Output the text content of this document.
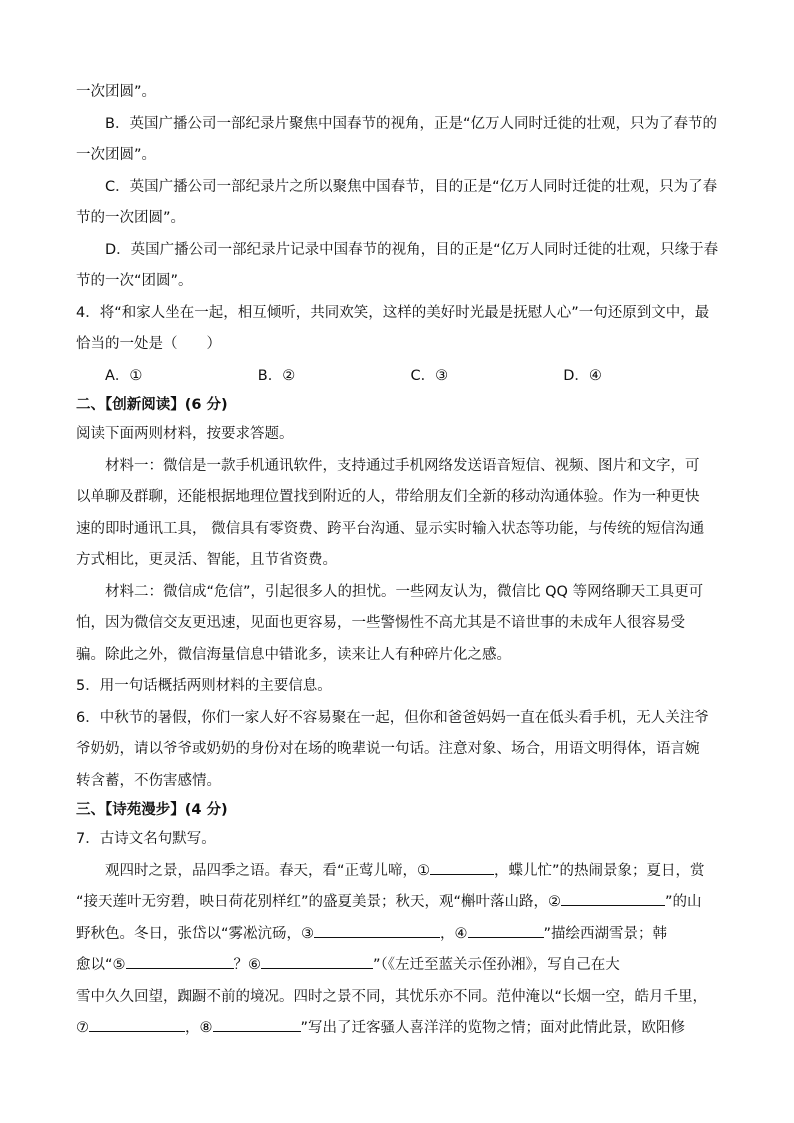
一次团圆”。

B．英国广播公司一部纪录片聚焦中国春节的视角，正是“亿万人同时迁徙的壮观，只为了春节的

一次团圆”。

C．英国广播公司一部纪录片之所以聚焦中国春节，目的正是“亿万人同时迁徙的壮观，只为了春

节的一次团圆”。

D．英国广播公司一部纪录片记录中国春节的视角，目的正是“亿万人同时迁徙的壮观，只缘于春

节的一次“团圆”。

4．将“和家人坐在一起，相互倾听，共同欢笑，这样的美好时光最是抚慰人心”一句还原到文中，最

恰当的一处是（　　）

A．①	B．②	C．③	D．④

二、【创新阅读】(6 分)

阅读下面两则材料，按要求答题。

材料一：微信是一款手机通讯软件，支持通过手机网络发送语音短信、视频、图片和文字，可

以单聊及群聊，还能根据地理位置找到附近的人，带给朋友们全新的移动沟通体验。作为一种更快

速的即时通讯工具， 微信具有零资费、跨平台沟通、显示实时输入状态等功能，与传统的短信沟通

方式相比，更灵活、智能，且节省资费。

材料二：微信成“危信”，引起很多人的担忧。一些网友认为，微信比 QQ 等网络聊天工具更可

怕，因为微信交友更迅速，见面也更容易，一些警惕性不高尤其是不谙世事的未成年人很容易受

骗。除此之外，微信海量信息中错讹多，读来让人有种碎片化之感。

5．用一句话概括两则材料的主要信息。

6．中秋节的暑假，你们一家人好不容易聚在一起，但你和爸爸妈妈一直在低头看手机，无人关注爷

爷奶奶，请以爷爷或奶奶的身份对在场的晚辈说一句话。注意对象、场合，用语文明得体，语言婉

转含蓄，不伤害感情。

三、【诗苑漫步】(4 分)

7．古诗文名句默写。

观四时之景，品四季之语。春天，看“正莺儿啼，①	，蝶儿忙”的热闹景象；夏日，赏

“接天莲叶无穷碧，映日荷花别样红”的盛夏美景；秋天，观“槲叶落山路，②	”的山

野秋色。冬日，张岱以“雾凇沆砀，③	，④	”描绘西湖雪景；韩

愈以“⑤	？⑥	”（《左迁至蓝关示侄孙湘》，写自己在大

雪中久久回望，踟蹰不前的境况。四时之景不同，其忧乐亦不同。范仲淹以“长烟一空，皓月千里，

⑦	，⑧	”写出了迁客骚人喜洋洋的览物之情；面对此情此景，欧阳修
